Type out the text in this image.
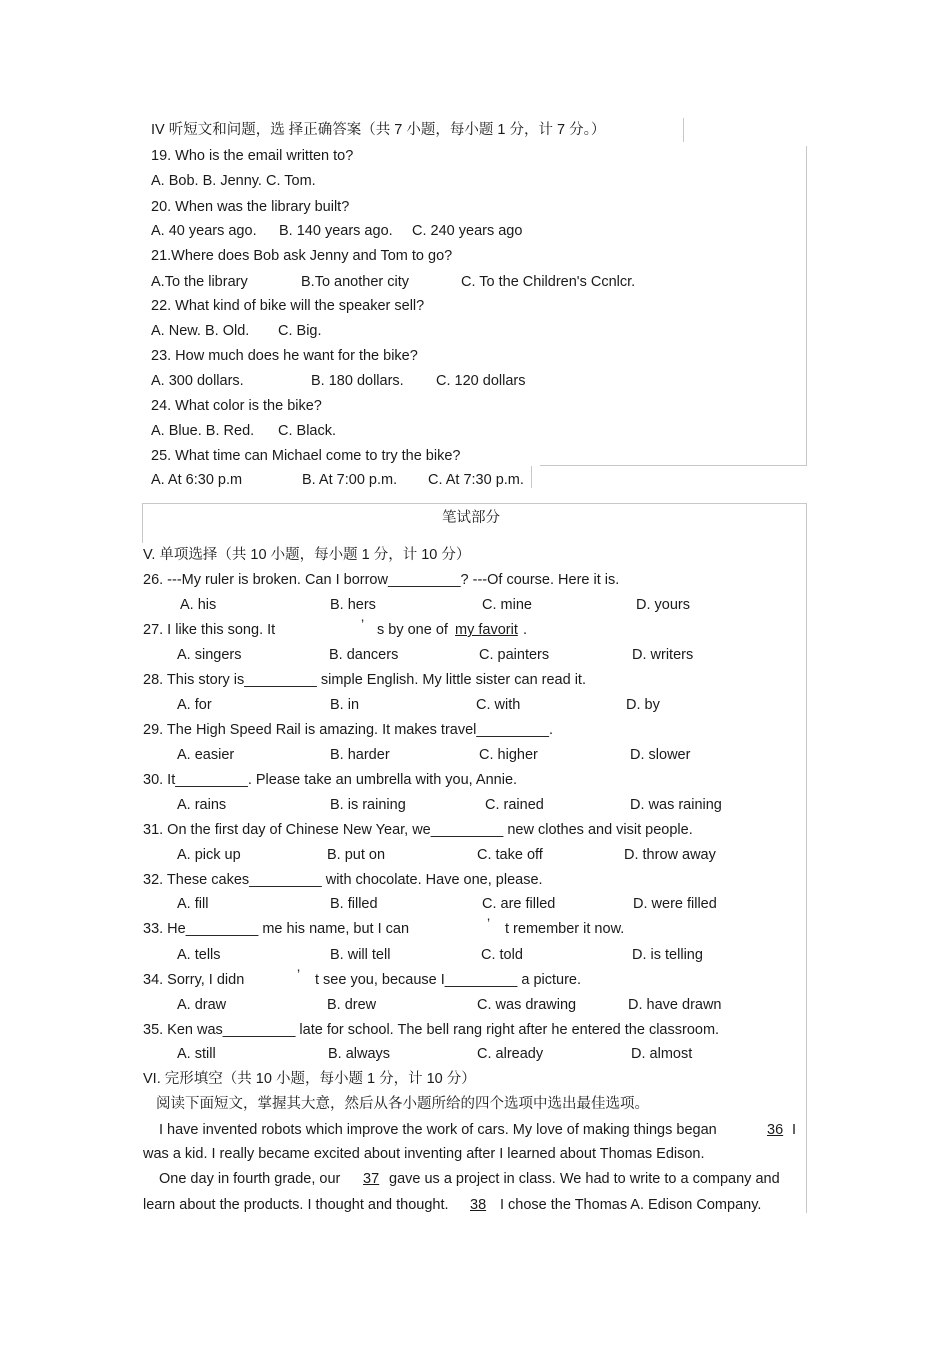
IV 听短文和问题，选 择正确答案（共 7 小题，每小题 1 分，计 7 分。）
19. Who is the email written to?
A. Bob. B. Jenny. C. Tom.
20. When was the library built?
A. 40 years ago. B. 140 years ago. C. 240 years ago
21.Where does Bob ask Jenny and Tom to go?
A.To the library	B.To another city	C. To the Children's Ccnlcr.
22. What kind of bike will the speaker sell?
A. New. B. Old. C. Big.
23. How much does he want for the bike?
A. 300 dollars.	B. 180 dollars. C. 120 dollars
24. What color is the bike?
A. Blue. B. Red. C. Black.
25. What time can Michael come to try the bike?
A. At 6:30 p.m	B. At 7:00 p.m. C. At 7:30 p.m.
笔试部分
V. 单项选择（共 10 小题，每小题 1 分，计 10 分）
26. ---My ruler is broken. Can I borrow_________? ---Of course. Here it is.
A. his	B. hers	C. mine	D. yours
27. I like this song. It	’ s by one of my favorit .
A. singers	B. dancers	C. painters	D. writers
28. This story is_________ simple English. My little sister can read it.
A. for	B. in	C. with	D. by
29. The High Speed Rail is amazing. It makes travel_________.
A. easier	B. harder	C. higher	D. slower
30. It_________. Please take an umbrella with you, Annie.
A. rains	B. is raining	C. rained	D. was raining
31. On the first day of Chinese New Year, we_________ new clothes and visit people.
A. pick up	B. put on	C. take off	D. throw away
32. These cakes_________ with chocolate. Have one, please.
A. fill	B. filled	C. are filled	D. were filled
33. He_________ me his name, but I can	’ t remember it now.
A. tells	B. will tell	C. told	D. is telling
34. Sorry, I didn	’ t see you, because I_________ a picture.
A. draw	B. drew	C. was drawing	D. have drawn
35. Ken was_________ late for school. The bell rang right after he entered the classroom.
A. still	B. always	C. already	D. almost
VI. 完形填空（共 10 小题，每小题 1 分，计 10 分）
阅读下面短文，掌握其大意，然后从各小题所给的四个选项中选出最佳选项。
I have invented robots which improve the work of cars. My love of making things began	36 I
was a kid. I really became excited about inventing after I learned about Thomas Edison.
One day in fourth grade, our 37 gave us a project in class. We had to write to a company and
learn about the products. I thought and thought. 38 I chose the Thomas A. Edison Company.
